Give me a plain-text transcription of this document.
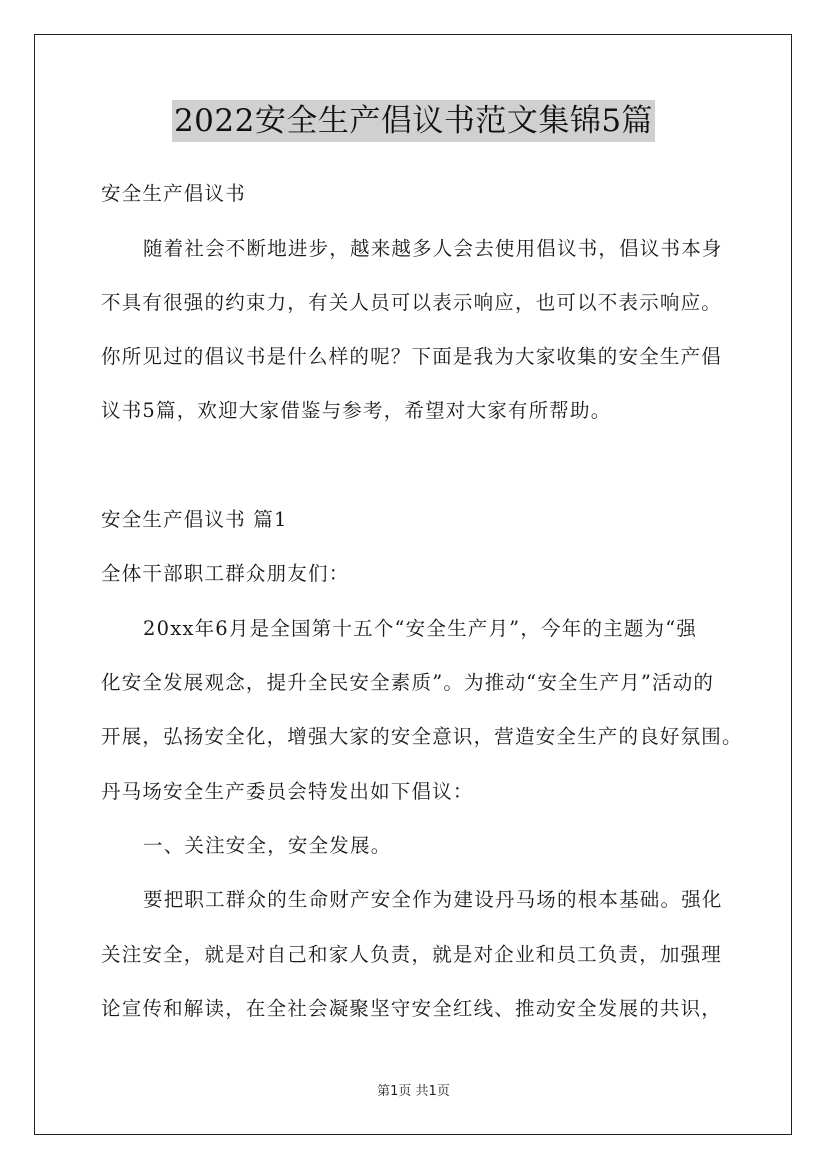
2022安全生产倡议书范文集锦5篇
安全生产倡议书
随着社会不断地进步，越来越多人会去使用倡议书，倡议书本身
不具有很强的约束力，有关人员可以表示响应，也可以不表示响应。
你所见过的倡议书是什么样的呢？下面是我为大家收集的安全生产倡
议书5篇，欢迎大家借鉴与参考，希望对大家有所帮助。
安全生产倡议书 篇1
全体干部职工群众朋友们：
20xx年6月是全国第十五个“安全生产月”，今年的主题为“强
化安全发展观念，提升全民安全素质”。为推动“安全生产月”活动的
开展，弘扬安全化，增强大家的安全意识，营造安全生产的良好氛围。
丹马场安全生产委员会特发出如下倡议：
一、关注安全，安全发展。
要把职工群众的生命财产安全作为建设丹马场的根本基础。强化
关注安全，就是对自己和家人负责，就是对企业和员工负责，加强理
论宣传和解读，在全社会凝聚坚守安全红线、推动安全发展的共识，
第1页 共1页
